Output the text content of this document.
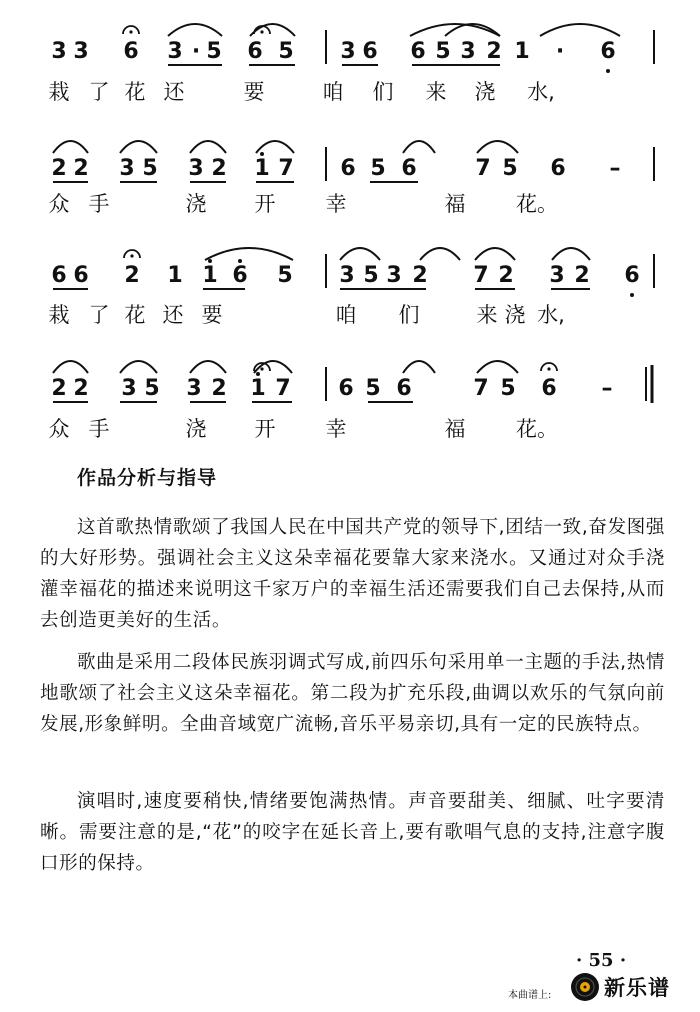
3 3 6 3 · 5 6 5 3 6 6 5 3 2 1 · 6
栽 了 花 还	要	咱 们 来 浇 水,
2 2 3 5 3 2 1 7 6 5 6	7 5 6 –
众 手	浇 开 幸	福 花。
6 6 2 1 1 6 5 3 5 3 2 7 2 3 2 6
栽 了 花 还 要	咱 们	来 浇 水,
2 2 3 5 3 2 1 7 6 5 6	7 5 6 –
众 手	浇 开 幸	福 花。
作品分析与指导
这首歌热情歌颂了我国人民在中国共产党的领导下,团结一致,奋发图强的大好形势。强调社会主义这朵幸福花要靠大家来浇水。又通过对众手浇灌幸福花的描述来说明这千家万户的幸福生活还需要我们自己去保持,从而去创造更美好的生活。
歌曲是采用二段体民族羽调式写成,前四乐句采用单一主题的手法,热情地歌颂了社会主义这朵幸福花。第二段为扩充乐段,曲调以欢乐的气氛向前发展,形象鲜明。全曲音域宽广流畅,音乐平易亲切,具有一定的民族特点。
演唱时,速度要稍快,情绪要饱满热情。声音要甜美、细腻、吐字要清晰。需要注意的是,“花”的咬字在延长音上,要有歌唱气息的支持,注意字腹口形的保持。
· 55 ·
本曲谱上:	新乐谱
